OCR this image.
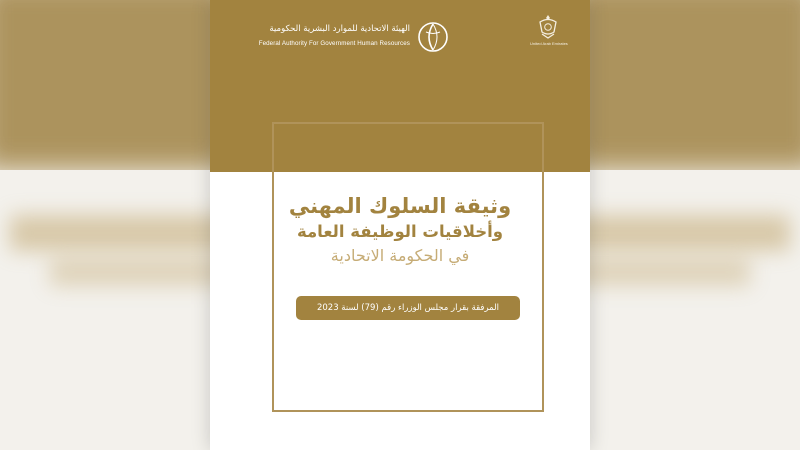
United Arab Emirates
الهيئة الاتحادية للموارد البشرية الحكومية
Federal Authority For Government Human Resources
وثيقة السلوك المهني
وأخلاقيات الوظيفة العامة
في الحكومة الاتحادية
المرفقة بقرار مجلس الوزراء رقم (79) لسنة 2023
